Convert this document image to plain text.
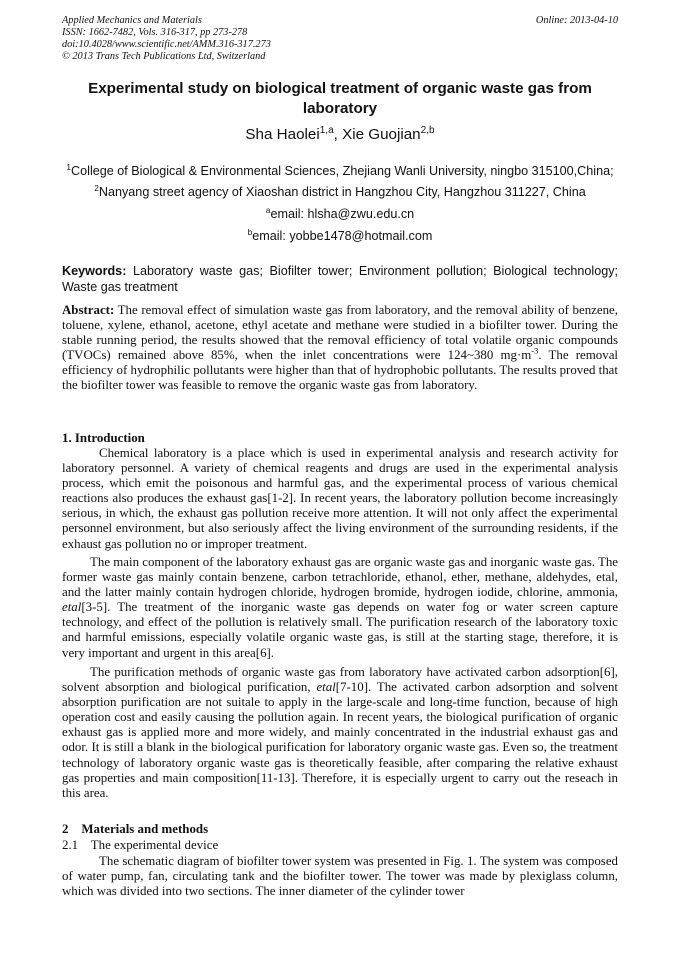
Applied Mechanics and Materials
ISSN: 1662-7482, Vols. 316-317, pp 273-278
doi:10.4028/www.scientific.net/AMM.316-317.273
© 2013 Trans Tech Publications Ltd, Switzerland
Online: 2013-04-10
Experimental study on biological treatment of organic waste gas from laboratory
Sha Haolei$^{1,a}$, Xie Guojian$^{2,b}$
$^1$College of Biological & Environmental Sciences, Zhejiang Wanli University, ningbo 315100,China;
$^2$Nanyang street agency of Xiaoshan district in Hangzhou City, Hangzhou 311227, China
$^a$email: hlsha@zwu.edu.cn
$^b$email: yobbe1478@hotmail.com
Keywords: Laboratory waste gas; Biofilter tower; Environment pollution; Biological technology; Waste gas treatment
Abstract: The removal effect of simulation waste gas from laboratory, and the removal ability of benzene, toluene, xylene, ethanol, acetone, ethyl acetate and methane were studied in a biofilter tower. During the stable running period, the results showed that the removal efficiency of total volatile organic compounds (TVOCs) remained above 85%, when the inlet concentrations were 124~380 $mg\cdot m^{-3}$. The removal efficiency of hydrophilic pollutants were higher than that of hydrophobic pollutants. The results proved that the biofilter tower was feasible to remove the organic waste gas from laboratory.
1. Introduction
Chemical laboratory is a place which is used in experimental analysis and research activity for laboratory personnel. A variety of chemical reagents and drugs are used in the experimental analysis process, which emit the poisonous and harmful gas, and the experimental process of various chemical reactions also produces the exhaust gas[1-2]. In recent years, the laboratory pollution become increasingly serious, in which, the exhaust gas pollution receive more attention. It will not only affect the experimental personnel environment, but also seriously affect the living environment of the surrounding residents, if the exhaust gas pollution no or improper treatment.
The main component of the laboratory exhaust gas are organic waste gas and inorganic waste gas. The former waste gas mainly contain benzene, carbon tetrachloride, ethanol, ether, methane, aldehydes, etal, and the latter mainly contain hydrogen chloride, hydrogen bromide, hydrogen iodide, chlorine, ammonia, etal[3-5]. The treatment of the inorganic waste gas depends on water fog or water screen capture technology, and effect of the pollution is relatively small. The purification research of the laboratory toxic and harmful emissions, especially volatile organic waste gas, is still at the starting stage, therefore, it is very important and urgent in this area[6].
The purification methods of organic waste gas from laboratory have activated carbon adsorption[6], solvent absorption and biological purification, etal[7-10]. The activated carbon adsorption and solvent absorption purification are not suitale to apply in the large-scale and long-time function, because of high operation cost and easily causing the pollution again. In recent years, the biological purification of organic exhaust gas is applied more and more widely, and mainly concentrated in the industrial exhaust gas and odor. It is still a blank in the biological purification for laboratory organic waste gas. Even so, the treatment technology of laboratory organic waste gas is theoretically feasible, after comparing the relative exhaust gas properties and main composition[11-13]. Therefore, it is especially urgent to carry out the reseach in this area.
2    Materials and methods
2.1    The experimental device
The schematic diagram of biofilter tower system was presented in Fig. 1. The system was composed of water pump, fan, circulating tank and the biofilter tower. The tower was made by plexiglass column, which was divided into two sections. The inner diameter of the cylinder tower
